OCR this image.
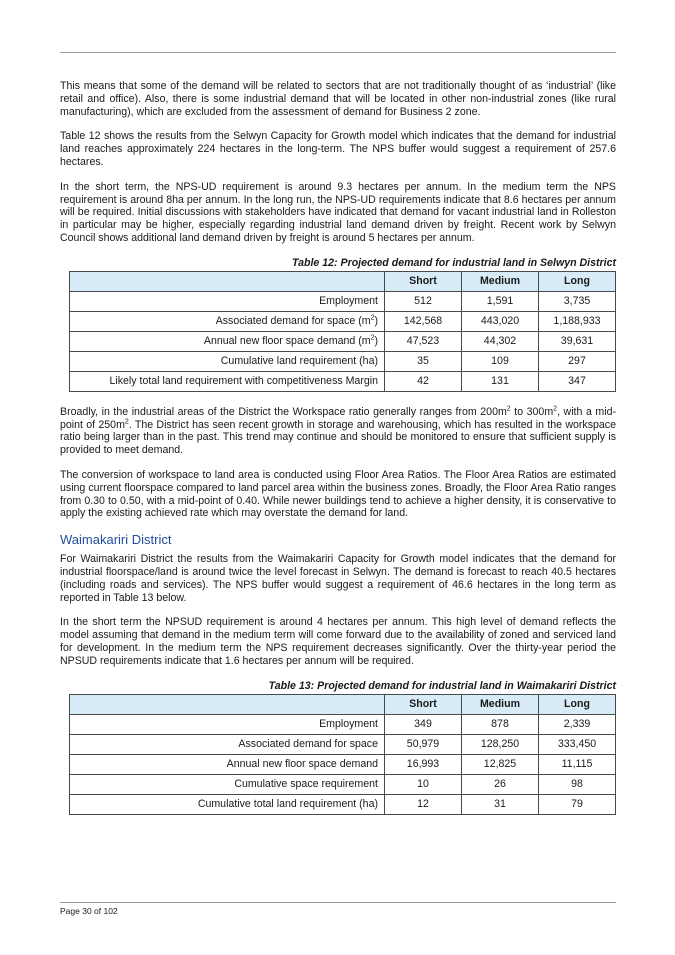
This means that some of the demand will be related to sectors that are not traditionally thought of as ‘industrial’ (like retail and office). Also, there is some industrial demand that will be located in other non-industrial zones (like rural manufacturing), which are excluded from the assessment of demand for Business 2 zone.

Table 12 shows the results from the Selwyn Capacity for Growth model which indicates that the demand for industrial land reaches approximately 224 hectares in the long-term. The NPS buffer would suggest a requirement of 257.6 hectares.

In the short term, the NPS-UD requirement is around 9.3 hectares per annum. In the medium term the NPS requirement is around 8ha per annum. In the long run, the NPS-UD requirements indicate that 8.6 hectares per annum will be required. Initial discussions with stakeholders have indicated that demand for vacant industrial land in Rolleston in particular may be higher, especially regarding industrial land demand driven by freight. Recent work by Selwyn Council shows additional land demand driven by freight is around 5 hectares per annum.

Table 12: Projected demand for industrial land in Selwyn District
	Short	Medium	Long
Employment	512	1,591	3,735
Associated demand for space $(m^2)$	142,568	443,020	1,188,933
Annual new floor space demand $(m^2)$	47,523	44,302	39,631
Cumulative land requirement (ha)	35	109	297
Likely total land requirement with competitiveness Margin	42	131	347

Broadly, in the industrial areas of the District the Workspace ratio generally ranges from $200m^2$ to $300m^2$, with a mid-point of $250m^2$. The District has seen recent growth in storage and warehousing, which has resulted in the workspace ratio being larger than in the past. This trend may continue and should be monitored to ensure that sufficient supply is provided to meet demand.

The conversion of workspace to land area is conducted using Floor Area Ratios. The Floor Area Ratios are estimated using current floorspace compared to land parcel area within the business zones. Broadly, the Floor Area Ratio ranges from 0.30 to 0.50, with a mid-point of 0.40. While newer buildings tend to achieve a higher density, it is conservative to apply the existing achieved rate which may overstate the demand for land.

Waimakariri District

For Waimakariri District the results from the Waimakariri Capacity for Growth model indicates that the demand for industrial floorspace/land is around twice the level forecast in Selwyn. The demand is forecast to reach 40.5 hectares (including roads and services). The NPS buffer would suggest a requirement of 46.6 hectares in the long term as reported in Table 13 below.

In the short term the NPSUD requirement is around 4 hectares per annum. This high level of demand reflects the model assuming that demand in the medium term will come forward due to the availability of zoned and serviced land for development. In the medium term the NPS requirement decreases significantly. Over the thirty-year period the NPSUD requirements indicate that 1.6 hectares per annum will be required.

Table 13: Projected demand for industrial land in Waimakariri District
	Short	Medium	Long
Employment	349	878	2,339
Associated demand for space	50,979	128,250	333,450
Annual new floor space demand	16,993	12,825	11,115
Cumulative space requirement	10	26	98
Cumulative total land requirement (ha)	12	31	79
Page 30 of 102
